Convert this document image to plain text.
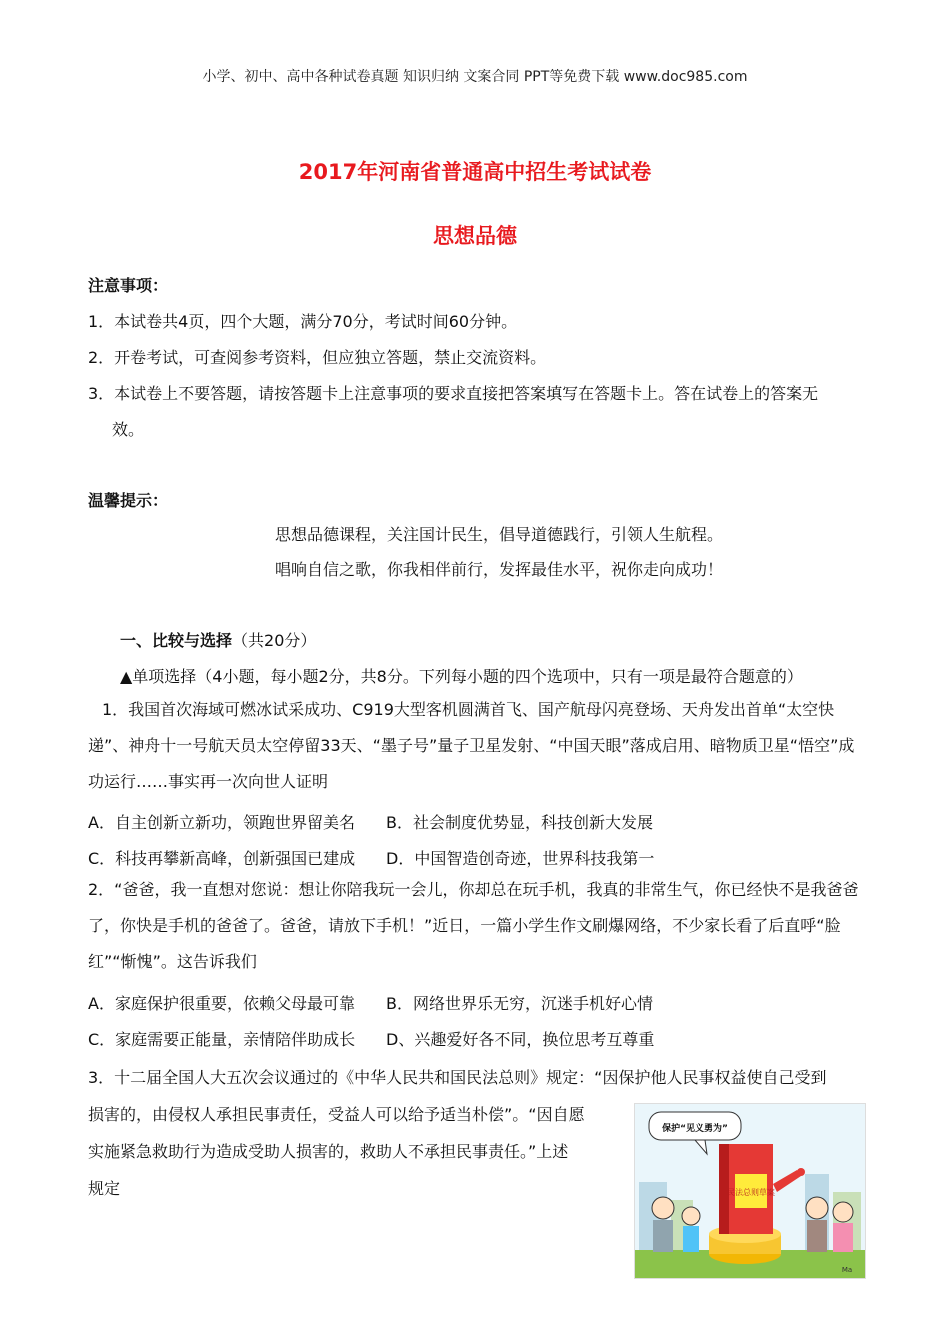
小学、初中、高中各种试卷真题 知识归纳 文案合同 PPT等免费下载 www.doc985.com
2017年河南省普通高中招生考试试卷
思想品德
注意事项：
1．本试卷共4页，四个大题，满分70分，考试时间60分钟。
2．开卷考试，可查阅参考资料，但应独立答题，禁止交流资料。
3．本试卷上不要答题，请按答题卡上注意事项的要求直接把答案填写在答题卡上。答在试卷上的答案无
效。
温馨提示：
思想品德课程，关注国计民生，倡导道德践行，引领人生航程。
唱响自信之歌，你我相伴前行，发挥最佳水平，祝你走向成功！
一、比较与选择（共20分）
▲单项选择（4小题，每小题2分，共8分。下列每小题的四个选项中，只有一项是最符合题意的）
1．我国首次海域可燃冰试采成功、C919大型客机圆满首飞、国产航母闪亮登场、天舟发出首单“太空快递”、神舟十一号航天员太空停留33天、“墨子号”量子卫星发射、“中国天眼”落成启用、暗物质卫星“悟空”成功运行……事实再一次向世人证明
A．自主创新立新功，领跑世界留美名 B．社会制度优势显，科技创新大发展
C．科技再攀新高峰，创新强国已建成 D．中国智造创奇迹，世界科技我第一
2．“爸爸，我一直想对您说：想让你陪我玩一会儿，你却总在玩手机，我真的非常生气，你已经快不是我爸爸了，你快是手机的爸爸了。爸爸，请放下手机！”近日，一篇小学生作文刷爆网络，不少家长看了后直呼“脸红”“惭愧”。这告诉我们
A．家庭保护很重要，依赖父母最可靠 B．网络世界乐无穷，沉迷手机好心情
C．家庭需要正能量，亲情陪伴助成长 D、兴趣爱好各不同，换位思考互尊重
3．十二届全国人大五次会议通过的《中华人民共和国民法总则》规定：“因保护他人民事权益使自己受到
损害的，由侵权人承担民事责任，受益人可以给予适当朴偿”。“因自愿
实施紧急救助行为造成受助人损害的，救助人不承担民事责任。”上述
规定
保护“见义勇为”
民法总则草案
Ma
